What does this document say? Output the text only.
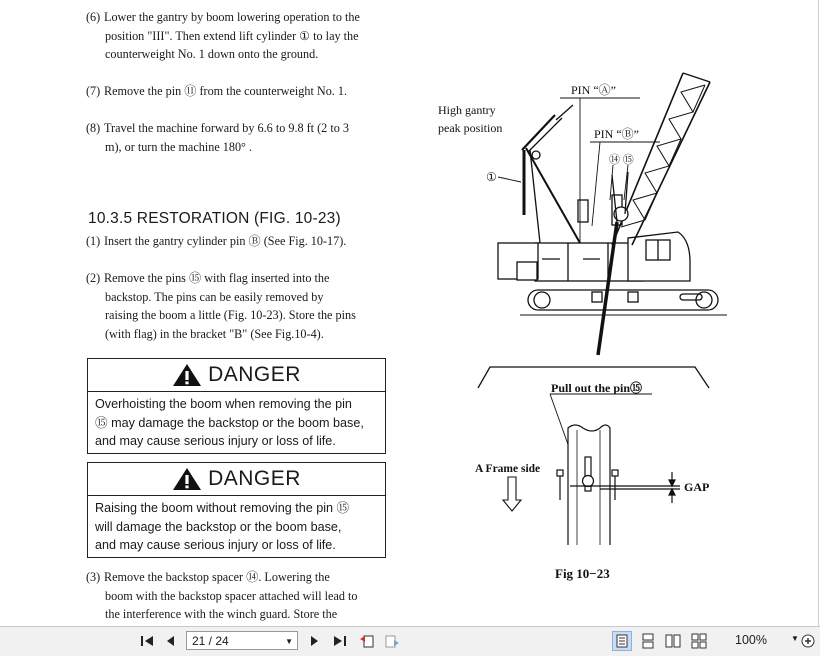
(6) Lower the gantry by boom lowering operation to the
position "III". Then extend lift cylinder ① to lay the
counterweight No. 1 down onto the ground.
(7) Remove the pin ⑪ from the counterweight No. 1.
(8) Travel the machine forward by 6.6 to 9.8 ft (2 to 3
m), or turn the machine 180° .
10.3.5 RESTORATION (FIG. 10-23)
(1) Insert the gantry cylinder pin Ⓑ (See Fig. 10-17).
(2) Remove the pins ⑮ with flag inserted into the
backstop. The pins can be easily removed by
raising the boom a little (Fig. 10-23). Store the pins
(with flag) in the bracket "B" (See Fig.10-4).
DANGER
Overhoisting the boom when removing the pin
⑮ may damage the backstop or the boom base,
and may cause serious injury or loss of life.
DANGER
Raising the boom without removing the pin ⑮
will damage the backstop or the boom base,
and may cause serious injury or loss of life.
(3) Remove the backstop spacer ⑭. Lowering the
boom with the backstop spacer attached will lead to
the interference with the winch guard. Store the
High gantry
peak position
PIN “Ⓐ”
PIN “Ⓑ”
⑭ ⑮
①
Pull out the pin⑮
A Frame side
GAP
Fig 10−23
21 / 24	▼	100%	▼
